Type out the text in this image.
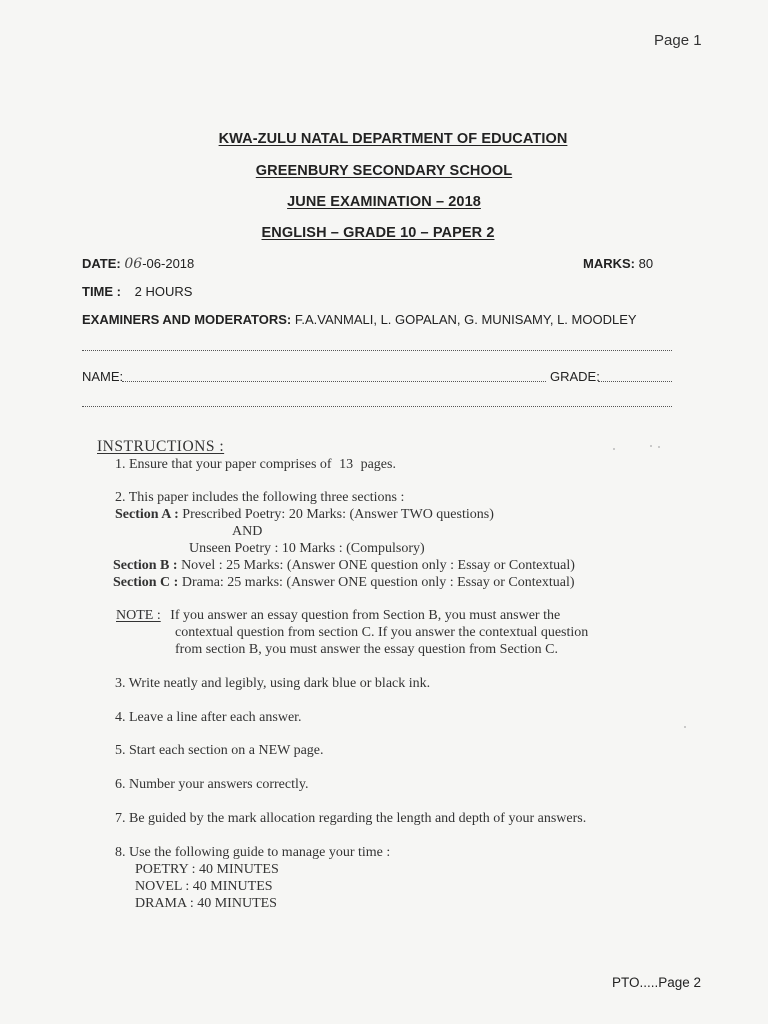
Page 1
KWA-ZULU NATAL DEPARTMENT OF EDUCATION
GREENBURY SECONDARY SCHOOL
JUNE EXAMINATION – 2018
ENGLISH – GRADE 10 – PAPER 2
DATE: 06-06-2018	MARKS: 80
TIME : 2 HOURS
EXAMINERS AND MODERATORS: F.A.VANMALI, L. GOPALAN, G. MUNISAMY, L. MOODLEY
NAME:	GRADE:
INSTRUCTIONS :
1. Ensure that your paper comprises of 13 pages.
2. This paper includes the following three sections :
Section A : Prescribed Poetry: 20 Marks: (Answer TWO questions)
AND
Unseen Poetry : 10 Marks : (Compulsory)
Section B : Novel : 25 Marks: (Answer ONE question only : Essay or Contextual)
Section C : Drama: 25 marks: (Answer ONE question only : Essay or Contextual)
NOTE : If you answer an essay question from Section B, you must answer the
contextual question from section C. If you answer the contextual question
from section B, you must answer the essay question from Section C.
3. Write neatly and legibly, using dark blue or black ink.
4. Leave a line after each answer.
5. Start each section on a NEW page.
6. Number your answers correctly.
7. Be guided by the mark allocation regarding the length and depth of your answers.
8. Use the following guide to manage your time :
POETRY : 40 MINUTES
NOVEL : 40 MINUTES
DRAMA : 40 MINUTES
PTO.....Page 2
